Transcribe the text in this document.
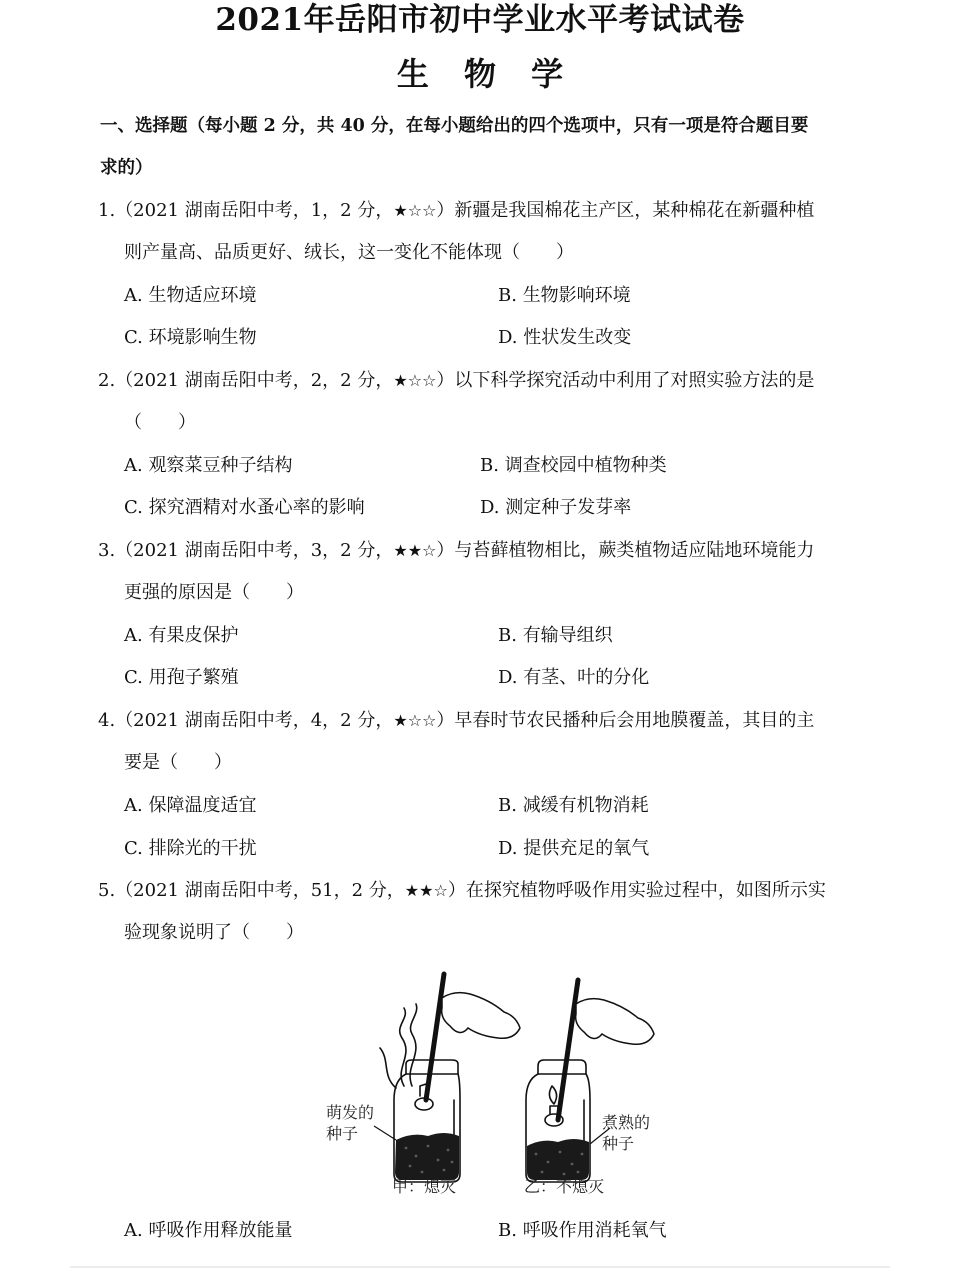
2021年岳阳市初中学业水平考试试卷
生 物 学
一、选择题（每小题 2 分，共 40 分，在每小题给出的四个选项中，只有一项是符合题目要
求的）
1.（2021 湖南岳阳中考，1，2 分，★☆☆）新疆是我国棉花主产区，某种棉花在新疆种植
则产量高、品质更好、绒长，这一变化不能体现（　　）
A. 生物适应环境	B. 生物影响环境
C. 环境影响生物	D. 性状发生改变
2.（2021 湖南岳阳中考，2，2 分，★☆☆）以下科学探究活动中利用了对照实验方法的是
（　　）
A. 观察菜豆种子结构	B. 调查校园中植物种类
C. 探究酒精对水蚤心率的影响	D. 测定种子发芽率
3.（2021 湖南岳阳中考，3，2 分，★★☆）与苔藓植物相比，蕨类植物适应陆地环境能力
更强的原因是（　　）
A. 有果皮保护	B. 有输导组织
C. 用孢子繁殖	D. 有茎、叶的分化
4.（2021 湖南岳阳中考，4，2 分，★☆☆）早春时节农民播种后会用地膜覆盖，其目的主
要是（　　）
A. 保障温度适宜	B. 减缓有机物消耗
C. 排除光的干扰	D. 提供充足的氧气
5.（2021 湖南岳阳中考，51，2 分，★★☆）在探究植物呼吸作用实验过程中，如图所示实
验现象说明了（　　）
萌发的
种子
煮熟的
种子
甲：熄灭	乙：不熄灭
A. 呼吸作用释放能量	B. 呼吸作用消耗氧气
